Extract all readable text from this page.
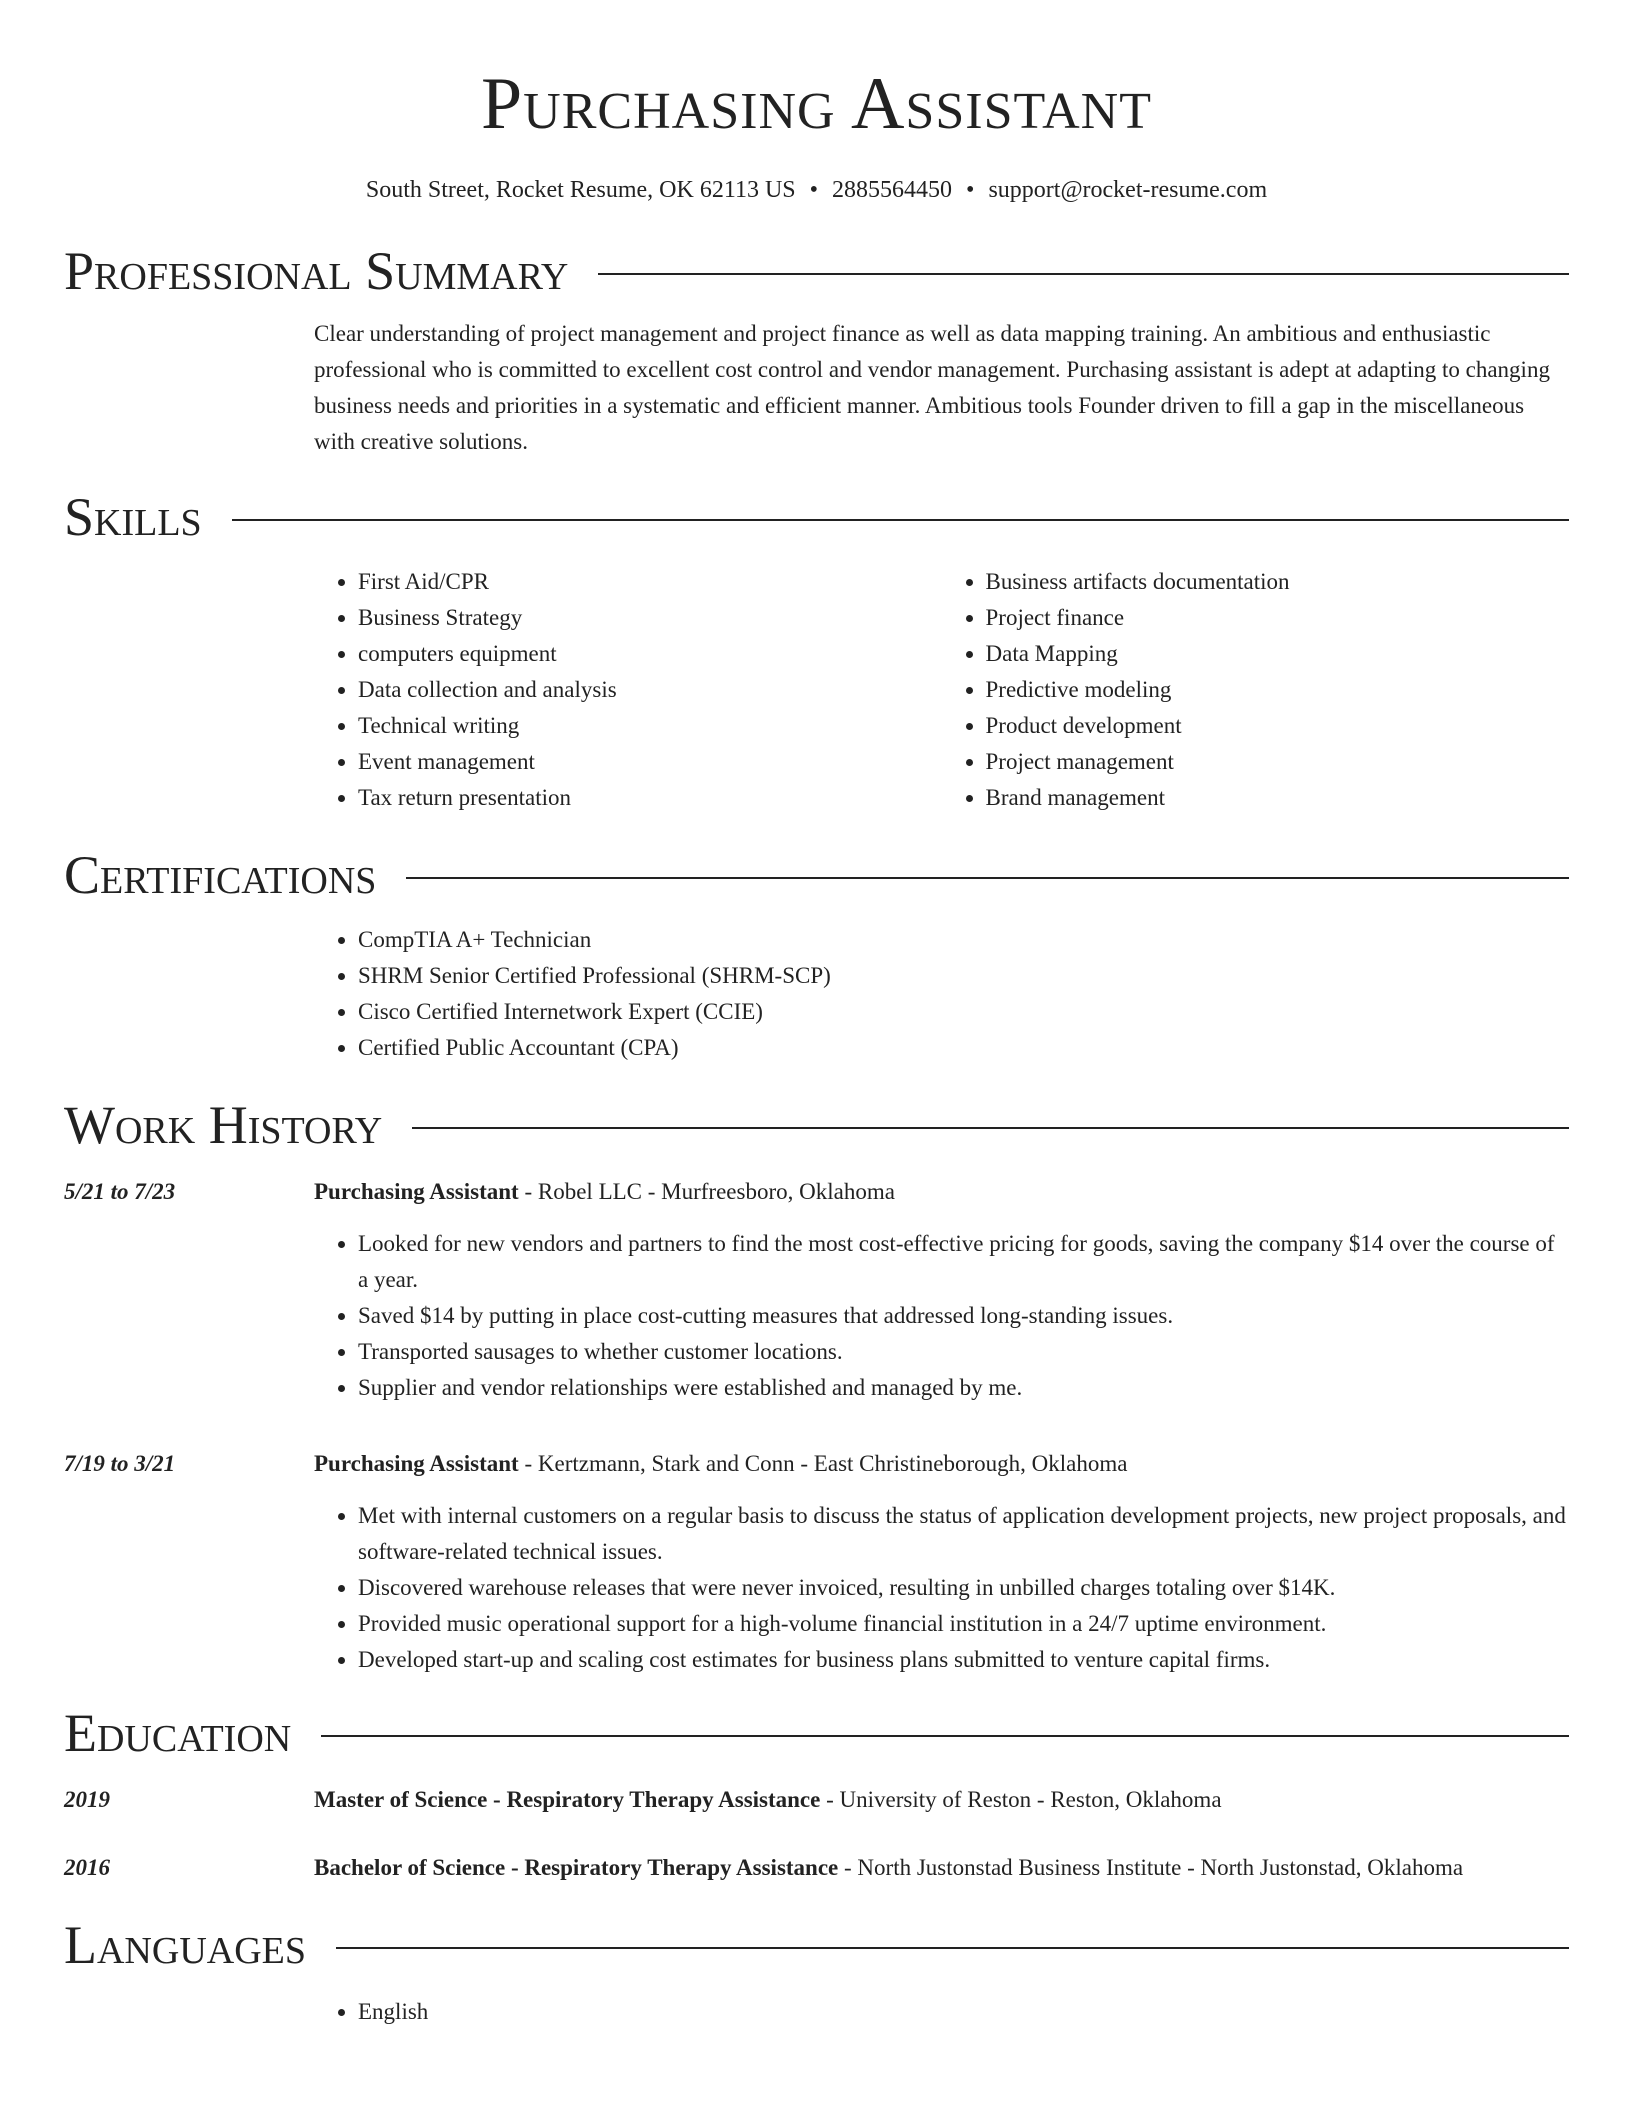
Purchasing Assistant
South Street, Rocket Resume, OK 62113 US • 2885564450 • support@rocket-resume.com
Professional Summary
Clear understanding of project management and project finance as well as data mapping training. An ambitious and enthusiastic professional who is committed to excellent cost control and vendor management. Purchasing assistant is adept at adapting to changing business needs and priorities in a systematic and efficient manner. Ambitious tools Founder driven to fill a gap in the miscellaneous with creative solutions.
Skills
• First Aid/CPR
• Business Strategy
• computers equipment
• Data collection and analysis
• Technical writing
• Event management
• Tax return presentation
• Business artifacts documentation
• Project finance
• Data Mapping
• Predictive modeling
• Product development
• Project management
• Brand management
Certifications
• CompTIA A+ Technician
• SHRM Senior Certified Professional (SHRM-SCP)
• Cisco Certified Internetwork Expert (CCIE)
• Certified Public Accountant (CPA)
Work History
5/21 to 7/23	Purchasing Assistant - Robel LLC - Murfreesboro, Oklahoma
• Looked for new vendors and partners to find the most cost-effective pricing for goods, saving the company $14 over the course of a year.
• Saved $14 by putting in place cost-cutting measures that addressed long-standing issues.
• Transported sausages to whether customer locations.
• Supplier and vendor relationships were established and managed by me.
7/19 to 3/21	Purchasing Assistant - Kertzmann, Stark and Conn - East Christineborough, Oklahoma
• Met with internal customers on a regular basis to discuss the status of application development projects, new project proposals, and software-related technical issues.
• Discovered warehouse releases that were never invoiced, resulting in unbilled charges totaling over $14K.
• Provided music operational support for a high-volume financial institution in a 24/7 uptime environment.
• Developed start-up and scaling cost estimates for business plans submitted to venture capital firms.
Education
2019	Master of Science - Respiratory Therapy Assistance - University of Reston - Reston, Oklahoma
2016	Bachelor of Science - Respiratory Therapy Assistance - North Justonstad Business Institute - North Justonstad, Oklahoma
Languages
• English
